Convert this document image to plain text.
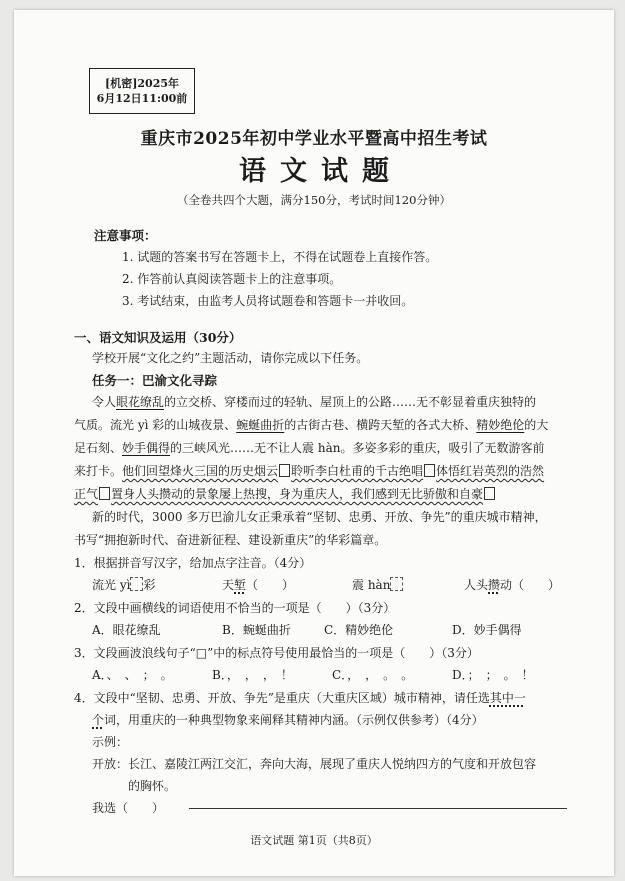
[机密]2025年
6月12日11:00前
重庆市2025年初中学业水平暨高中招生考试
语文试题
（全卷共四个大题，满分150分，考试时间120分钟）
注意事项：
1. 试题的答案书写在答题卡上，不得在试题卷上直接作答。
2. 作答前认真阅读答题卡上的注意事项。
3. 考试结束，由监考人员将试题卷和答题卡一并收回。
一、语文知识及运用（30分）
学校开展“文化之约”主题活动，请你完成以下任务。
任务一：巴渝文化寻踪
令人眼花缭乱的立交桥、穿楼而过的轻轨、屋顶上的公路……无不彰显着重庆独特的
气质。流光 yì 彩的山城夜景、蜿蜒曲折的古街古巷、横跨天堑的各式大桥、精妙绝伦的大
足石刻、妙手偶得的三峡风光……无不让人震 hàn。多姿多彩的重庆，吸引了无数游客前
来打卡。他们回望烽火三国的历史烟云 聆听李白杜甫的千古绝唱 体悟红岩英烈的浩然
正气 置身人头攒动的景象屡上热搜，身为重庆人，我们感到无比骄傲和自豪
新的时代，3000 多万巴渝儿女正秉承着“坚韧、忠勇、开放、争先”的重庆城市精神，
书写“拥抱新时代、奋进新征程、建设新重庆”的华彩篇章。
1．根据拼音写汉字，给加点字注音。（4分）
流光 yì 彩	天堑（　　）	震 hàn	人头攒动（　　）
2．文段中画横线的词语使用不恰当的一项是（　　）（3分）
A．眼花缭乱	B．蜿蜒曲折	C．精妙绝伦	D．妙手偶得
3．文段画波浪线句子“□”中的标点符号使用最恰当的一项是（　　）（3分）
A．、　、　；　。	B．，　，　，　！	C．，　，　。　。	D．；　；　。　！
4．文段中“坚韧、忠勇、开放、争先”是重庆（大重庆区域）城市精神，请任选其中一
个词，用重庆的一种典型物象来阐释其精神内涵。（示例仅供参考）（4分）
示例：
开放：长江、嘉陵江两江交汇，奔向大海，展现了重庆人悦纳四方的气度和开放包容
的胸怀。
我选（　　）
语文试题 第1页（共8页）
